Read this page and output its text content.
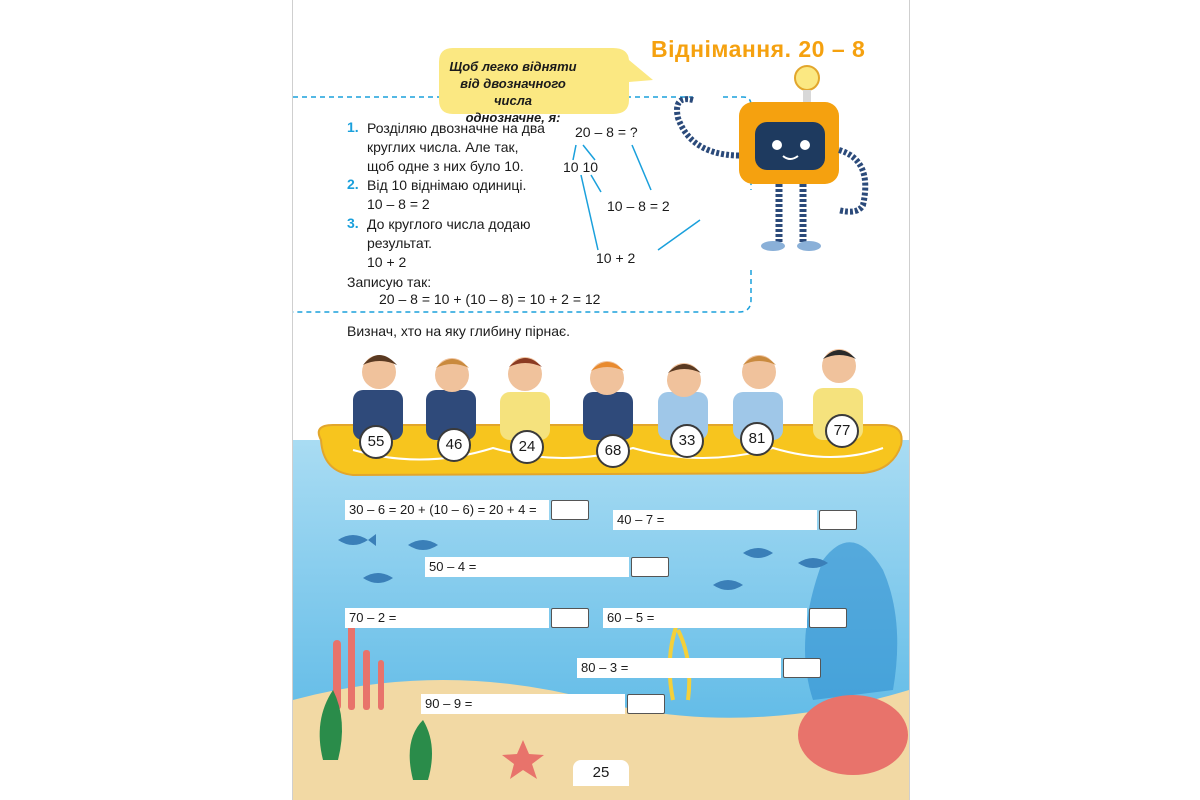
Віднімання. 20 – 8
Щоб легко відняти
від двозначного числа
однозначне, я:
1. Розділяю двозначне на два
круглих числа. Але так,
щоб одне з них було 10.
2. Від 10 віднімаю одиниці.
10 – 8 = 2
3. До круглого числа додаю
результат.
10 + 2
Записую так:
20 – 8 = 10 + (10 – 8) = 10 + 2 = 12
20 – 8 = ?
10 10
10 – 8 = 2
10 + 2
Визнач, хто на яку глибину пірнає.
55	46	24	68
33	81	77
30 – 6 = 20 + (10 – 6) = 20 + 4 =
40 – 7 =
50 – 4 =
70 – 2 =	60 – 5 =
80 – 3 =
90 – 9 =
25
